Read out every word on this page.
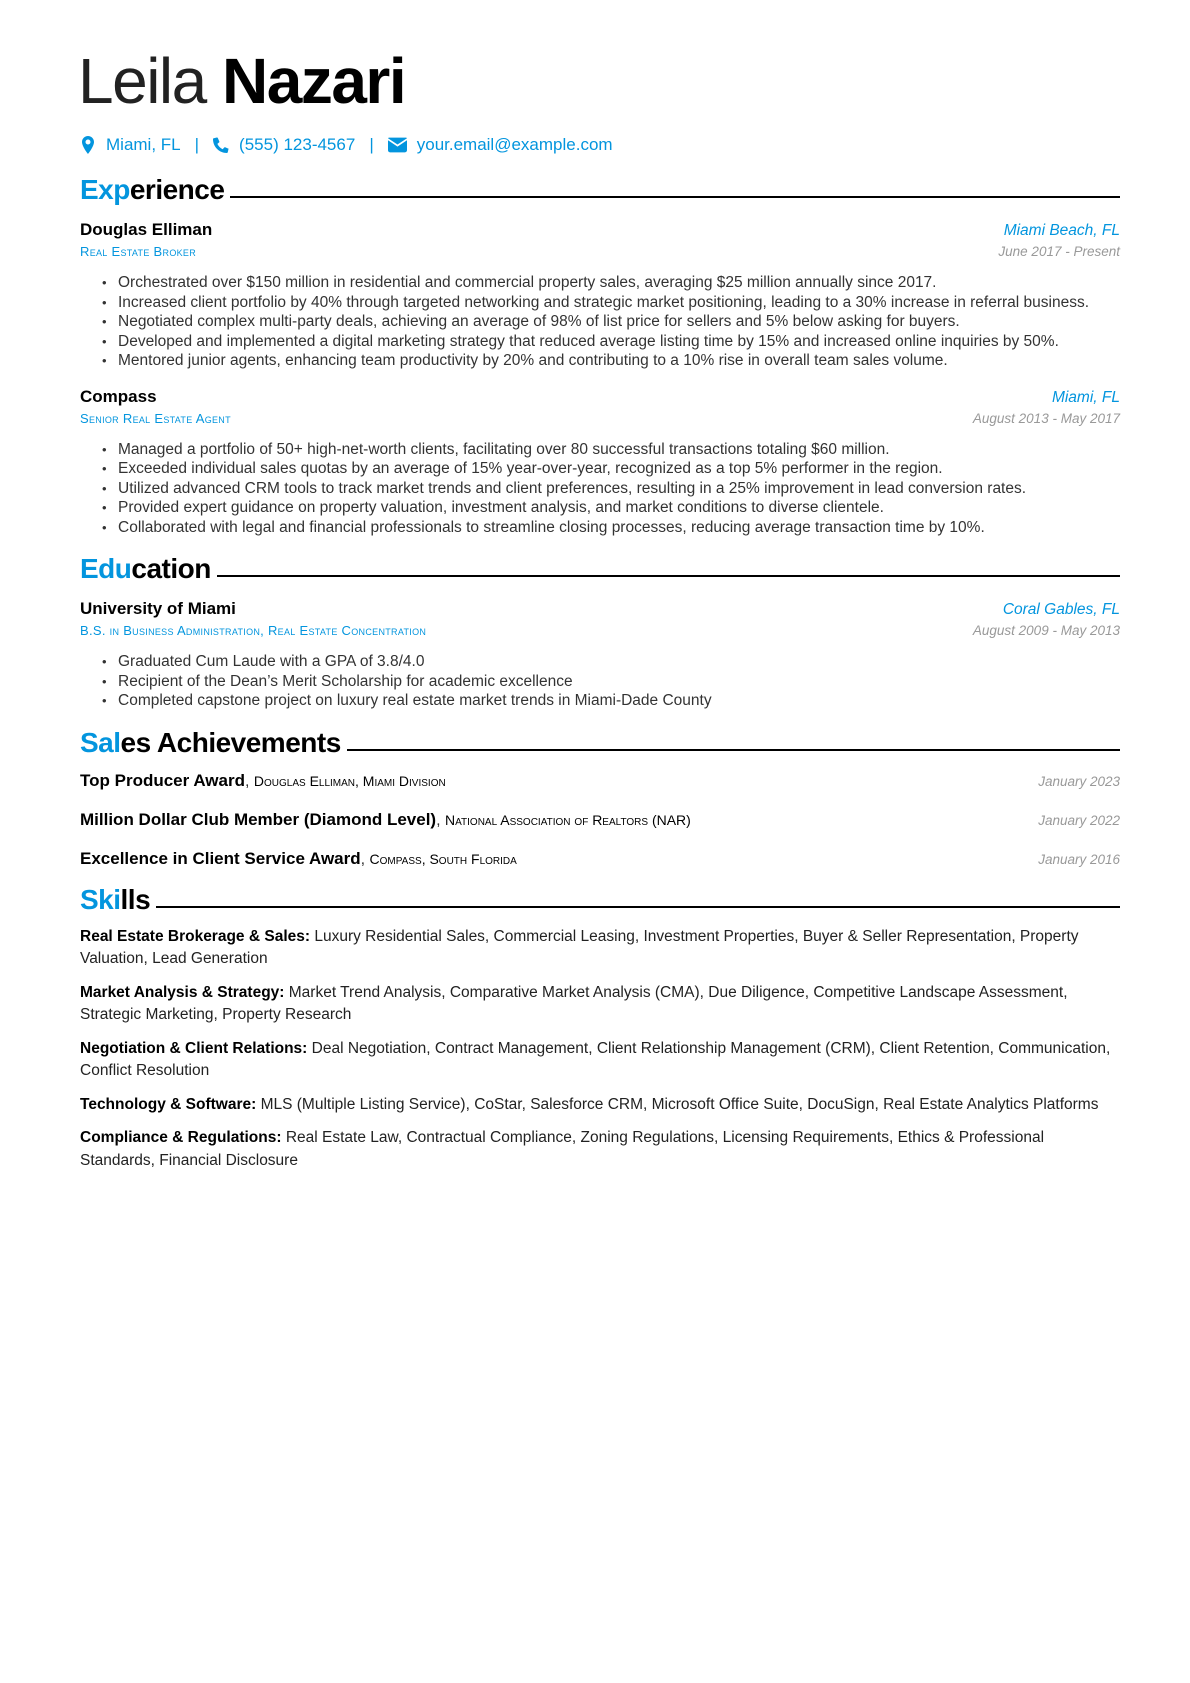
Leila Nazari
Miami, FL | (555) 123-4567 |	your.email@example.com
Experience
Douglas Elliman	Miami Beach, FL
Real Estate Broker	June 2017 - Present
• Orchestrated over $150 million in residential and commercial property sales, averaging $25 million annually since 2017.
• Increased client portfolio by 40% through targeted networking and strategic market positioning, leading to a 30% increase in referral business.
• Negotiated complex multi-party deals, achieving an average of 98% of list price for sellers and 5% below asking for buyers.
• Developed and implemented a digital marketing strategy that reduced average listing time by 15% and increased online inquiries by 50%.
• Mentored junior agents, enhancing team productivity by 20% and contributing to a 10% rise in overall team sales volume.
Compass	Miami, FL
Senior Real Estate Agent	August 2013 - May 2017
• Managed a portfolio of 50+ high-net-worth clients, facilitating over 80 successful transactions totaling $60 million.
• Exceeded individual sales quotas by an average of 15% year-over-year, recognized as a top 5% performer in the region.
• Utilized advanced CRM tools to track market trends and client preferences, resulting in a 25% improvement in lead conversion rates.
• Provided expert guidance on property valuation, investment analysis, and market conditions to diverse clientele.
• Collaborated with legal and financial professionals to streamline closing processes, reducing average transaction time by 10%.
Education
University of Miami	Coral Gables, FL
B.S. in Business Administration, Real Estate Concentration	August 2009 - May 2013
• Graduated Cum Laude with a GPA of 3.8/4.0
• Recipient of the Dean’s Merit Scholarship for academic excellence
• Completed capstone project on luxury real estate market trends in Miami-Dade County
Sales Achievements
Top Producer Award, Douglas Elliman, Miami Division	January 2023
Million Dollar Club Member (Diamond Level), National Association of Realtors (NAR)	January 2022
Excellence in Client Service Award, Compass, South Florida	January 2016
Skills
Real Estate Brokerage & Sales: Luxury Residential Sales, Commercial Leasing, Investment Properties, Buyer & Seller Representation, Property Valuation, Lead Generation
Market Analysis & Strategy: Market Trend Analysis, Comparative Market Analysis (CMA), Due Diligence, Competitive Landscape Assessment, Strategic Marketing, Property Research
Negotiation & Client Relations: Deal Negotiation, Contract Management, Client Relationship Management (CRM), Client Retention, Communication, Conflict Resolution
Technology & Software: MLS (Multiple Listing Service), CoStar, Salesforce CRM, Microsoft Office Suite, DocuSign, Real Estate Analytics Platforms
Compliance & Regulations: Real Estate Law, Contractual Compliance, Zoning Regulations, Licensing Requirements, Ethics & Professional Standards, Financial Disclosure
